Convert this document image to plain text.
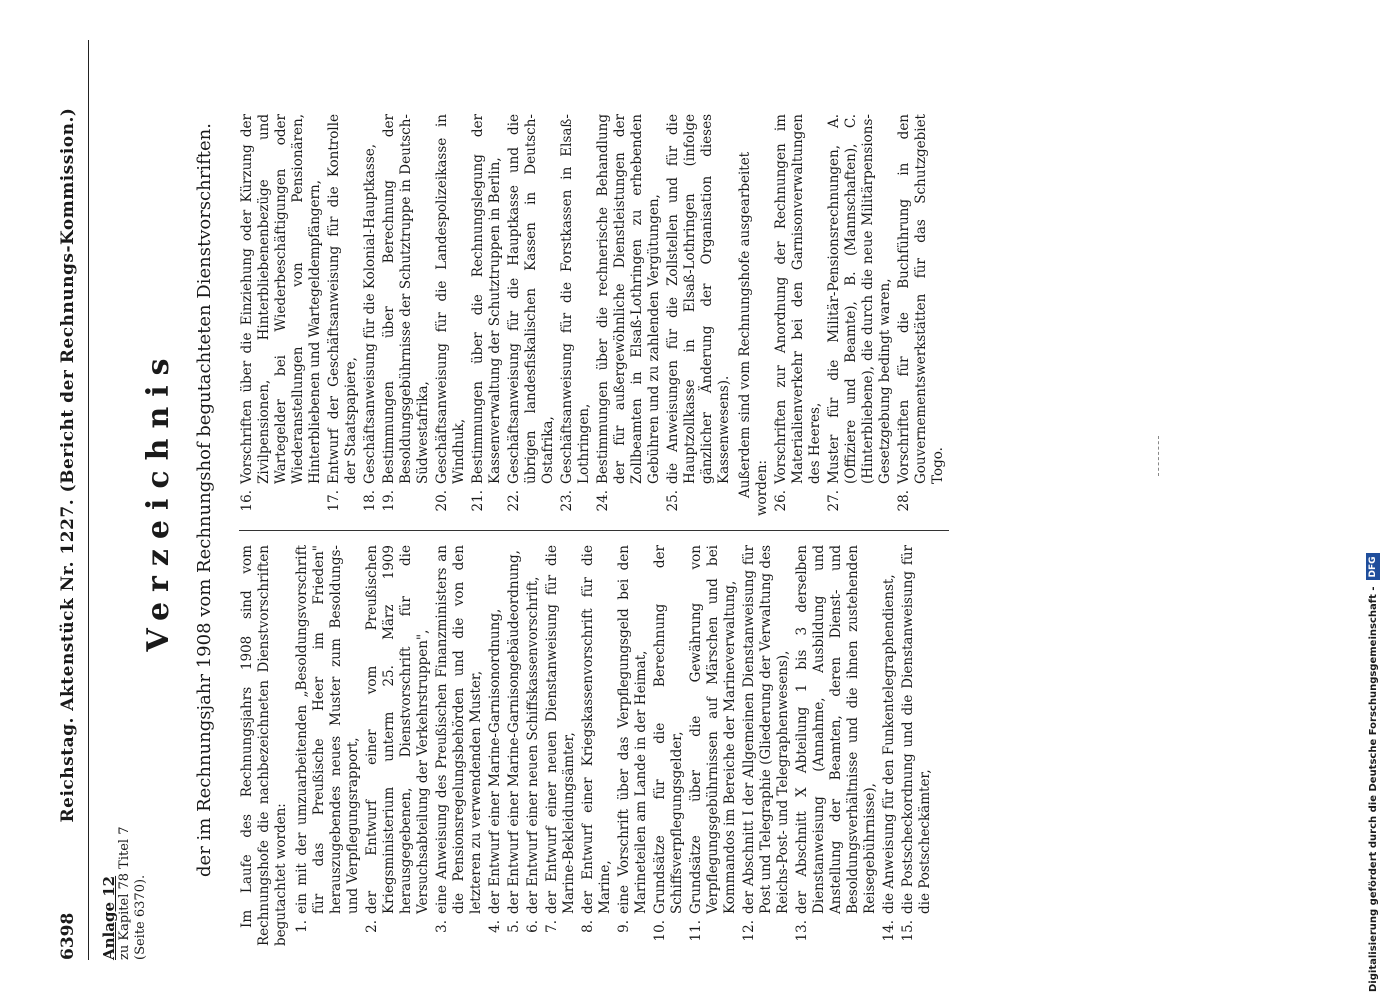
6398
Reichstag. Aktenstück Nr. 1227. (Bericht der Rechnungs-Kommission.)
Anlage 12 zu Kapitel 78 Titel 7 (Seite 6370).
Verzeichnis der im Rechnungsjahr 1908 vom Rechnungshof begutachteten Dienstvorschriften. Im Laufe des Rechnungsjahrs 1908 sind vom Rechnungshofe die nachbezeichneten Dienstvorschriften begutachtet worden: 1.
ein mit der umzuarbeitenden „Besoldungsvorschrift für das Preußische Heer im Frieden" herauszugebendes neues Muster zum Besoldungs- und Verpflegungsrapport,
2.
der Entwurf einer vom Preußischen Kriegsministerium unterm 25. März 1909 herausgegebenen, Dienstvorschrift für die Versuchsabteilung der Verkehrstruppen",
3.
eine Anweisung des Preußischen Finanzministers an die Pensionsregelungsbehörden und die von den letzteren zu verwendenden Muster,
4.
der Entwurf einer Marine-Garnisonordnung,
5.
der Entwurf einer Marine-Garnisongebäudeordnung,
6.
der Entwurf einer neuen Schiffskassenvorschrift,
7.
der Entwurf einer neuen Dienstanweisung für die Marine-Bekleidungsämter,
8.
der Entwurf einer Kriegskassenvorschrift für die Marine,
9.
eine Vorschrift über das Verpflegungsgeld bei den Marineteilen am Lande in der Heimat,
10.
Grundsätze für die Berechnung der Schiffsverpflegungsgelder,
11.
Grundsätze über die Gewährung von Verpflegungsgebührnissen auf Märschen und bei Kommandos im Bereiche der Marineverwaltung,
12.
der Abschnitt I der Allgemeinen Dienstanweisung für Post und Telegraphie (Gliederung der Verwaltung des Reichs-Post- und Telegraphenwesens),
13.
der Abschnitt X Abteilung 1 bis 3 derselben Dienstanweisung (Annahme, Ausbildung und Anstellung der Beamten, deren Dienst- und Besoldungsverhältnisse und die ihnen zustehenden Reisegebührnisse),
14.
die Anweisung für den Funkentelegraphendienst,
15.
die Postscheckordnung und die Dienstanweisung für die Postscheckämter,
16.
Vorschriften über die Einziehung oder Kürzung der Zivilpensionen, Hinterbliebenenbezüge und Wartegelder bei Wiederbeschäftigungen oder Wiederanstellungen von Pensionären, Hinterbliebenen und Wartegeldempfängern,
17.
Entwurf der Geschäftsanweisung für die Kontrolle der Staatspapiere,
18.
Geschäftsanweisung für die Kolonial-Hauptkasse,
19.
Bestimmungen über Berechnung der Besoldungsgebührnisse der Schutztruppe in Deutsch-Südwestafrika,
20.
Geschäftsanweisung für die Landespolizeikasse in Windhuk,
21.
Bestimmungen über die Rechnungslegung der Kassenverwaltung der Schutztruppen in Berlin,
22.
Geschäftsanweisung für die Hauptkasse und die übrigen landesfiskalischen Kassen in Deutsch-Ostafrika,
23.
Geschäftsanweisung für die Forstkassen in Elsaß-Lothringen,
24.
Bestimmungen über die rechnerische Behandlung der für außergewöhnliche Dienstleistungen der Zollbeamten in Elsaß-Lothringen zu erhebenden Gebühren und zu zahlenden Vergütungen,
25.
die Anweisungen für die Zollstellen und für die Hauptzollkasse in Elsaß-Lothringen (infolge gänzlicher Änderung der Organisation dieses Kassenwesens). Außerdem sind vom Rechnungshofe ausgearbeitet worden: 26.
Vorschriften zur Anordnung der Rechnungen im Materialienverkehr bei den Garnisonverwaltungen des Heeres,
27.
Muster für die Militär-Pensionsrechnungen, A. (Offiziere und Beamte), B. (Mannschaften), C. (Hinterbliebene), die durch die neue Militärpensions-Gesetzgebung bedingt waren,
28.
Vorschriften für die Buchführung in den Gouvernementswerkstätten für das Schutzgebiet Togo.
Digitalisierung gefördert durch die Deutsche Forschungsgemeinschaft -
DFG
